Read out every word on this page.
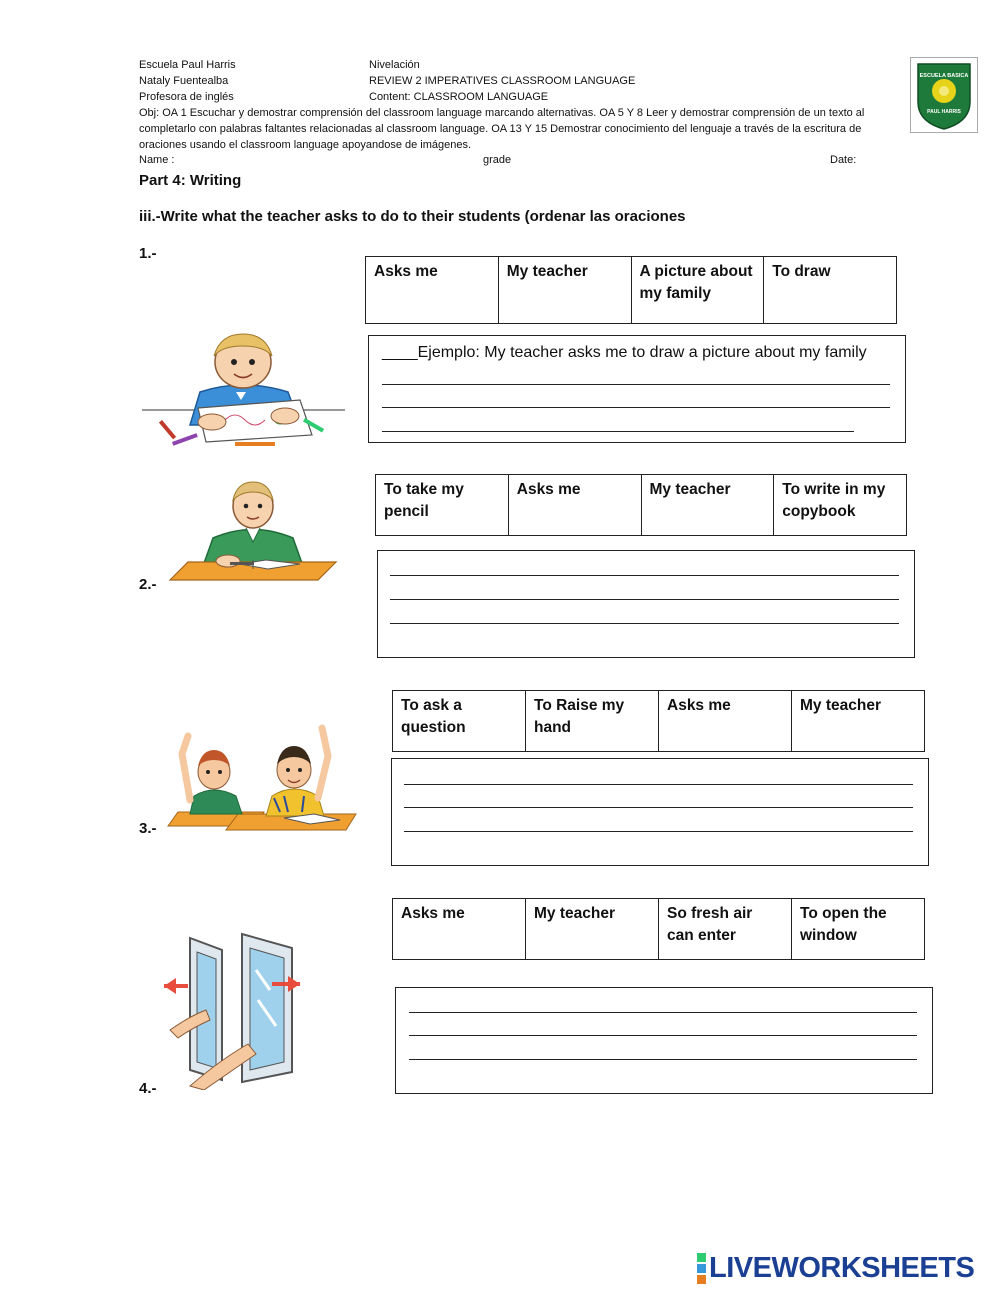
Escuela Paul Harris
Nataly Fuentealba
Profesora de inglés
Nivelación
REVIEW 2 IMPERATIVES CLASSROOM LANGUAGE
Content: CLASSROOM LANGUAGE
Obj: OA 1 Escuchar y demostrar comprensión del classroom language marcando alternativas. OA 5 Y 8 Leer y demostrar comprensión de un texto al completarlo con palabras faltantes relacionadas al classroom language. OA 13 Y 15 Demostrar conocimiento del lenguaje a través de la escritura de oraciones usando el classroom language apoyandose de imágenes.
Name :	grade	Date:
ESCUELA BASICA
PAUL HARRIS
Part 4: Writing
iii.-Write what the teacher asks to do to their students (ordenar las oraciones
1.-
Asks me	My teacher	A picture about my family	To draw
____Ejemplo: My teacher asks me to draw a picture about my family
2.-
To take my pencil	Asks me	My teacher	To write in my copybook
3.-
To ask a question	To Raise my hand	Asks me	My teacher
4.-
Asks me	My teacher	So fresh air can enter	To open the window
LIVEWORKSHEETS
